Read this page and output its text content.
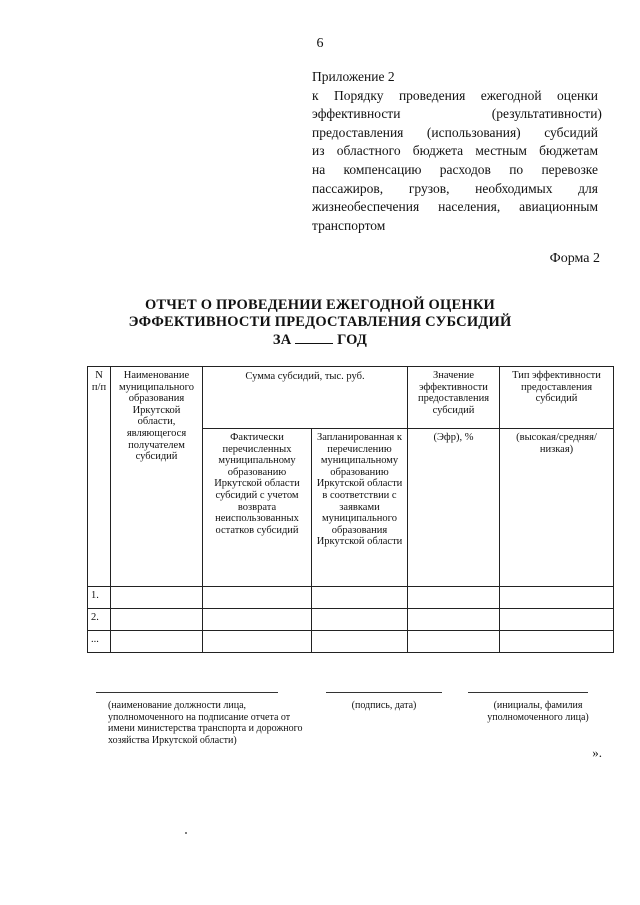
6
Приложение 2
к Порядку проведения ежегодной оценки
эффективности (результативности)
предоставления (использования) субсидий
из областного бюджета местным бюджетам
на компенсацию расходов по перевозке
пассажиров, грузов, необходимых для
жизнеобеспечения населения, авиационным
транспортом
Форма 2
ОТЧЕТ О ПРОВЕДЕНИИ ЕЖЕГОДНОЙ ОЦЕНКИ
ЭФФЕКТИВНОСТИ ПРЕДОСТАВЛЕНИЯ СУБСИДИЙ
ЗА	ГОД
N п/п	Наименование муниципального образования Иркутской области, являющегося получателем субсидий	Сумма субсидий, тыс. руб.		Значение эффективности предоставления субсидий	Тип эффективности предоставления субсидий
		Фактически перечисленных муниципальному образованию Иркутской области субсидий с учетом возврата неиспользованных остатков субсидий	Запланированная к перечислению муниципальному образованию Иркутской области в соответствии с заявками муниципального образования Иркутской области	(Эфр), %	(высокая/средняя/низкая)
1.					
2.					
...					
(наименование должности лица, уполномоченного на подписание отчета от имени министерства транспорта и дорожного хозяйства Иркутской области)
(подпись, дата)	(инициалы, фамилия уполномоченного лица)
».
